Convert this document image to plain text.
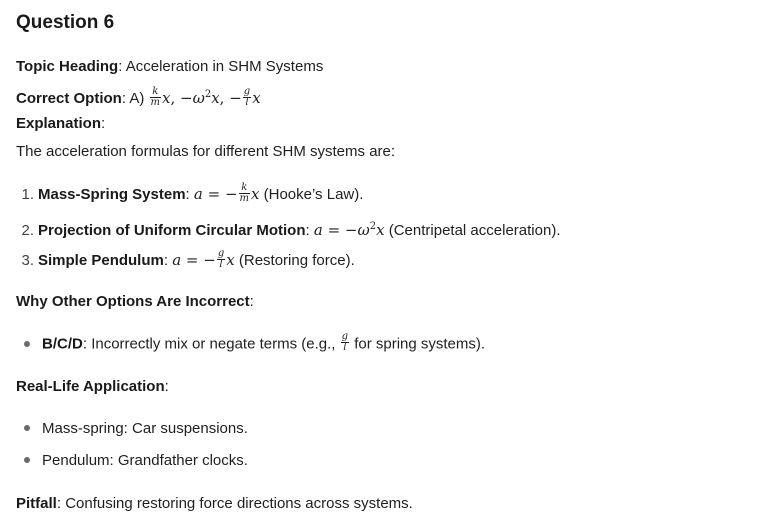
Question 6
Topic Heading: Acceleration in SHM Systems
Correct Option: $A) \frac{k}{m} x$, $-\omega^2x$, − $\frac{g}{l}$ x
Explanation:
The acceleration formulas for different SHM systems are:
1. Mass-Spring System: a = − $\frac{k}{m}$ x (Hooke’s Law).
2. Projection of Uniform Circular Motion: $a = -\omega^2x$ (Centripetal acceleration).
3. Simple Pendulum: a = − $\frac{g}{l}$ x (Restoring force).
Why Other Options Are Incorrect:
B/C/D: Incorrectly mix or negate terms (e.g., $\frac{g}{l}$ for spring systems).
Real-Life Application:
Mass-spring: Car suspensions.
Pendulum: Grandfather clocks.
Pitfall: Confusing restoring force directions across systems.
